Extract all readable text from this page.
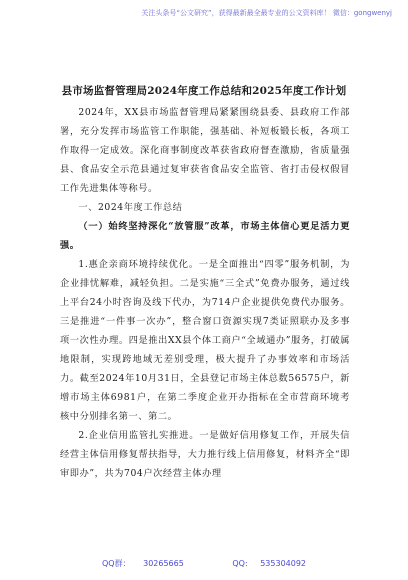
关注头条号“公文研究”，获得最新最全最专业的公文资料库！ 微信：gongwenyj
县市场监督管理局2024年度工作总结和2025年度工作计划

2024年，XX县市场监督管理局紧紧围绕县委、县政府工作部署，充分发挥市场监管工作职能，强基础、补短板锻长板，各项工作取得一定成效。深化商事制度改革获省政府督查激励，省质量强县、食品安全示范县通过复审获省食品安全监管、省打击侵权假冒工作先进集体等称号。

一、2024年度工作总结

（一）始终坚持深化“放管服”改革，市场主体信心更足活力更强。

1.惠企亲商环境持续优化。一是全面推出“四零”服务机制，为企业排忧解难，减轻负担。二是实施“三全式”免费办服务，通过线上平台24小时咨询及线下代办，为714户企业提供免费代办服务。三是推进“一件事一次办”，整合窗口资源实现7类证照联办及多事项一次性办理。四是推出XX县个体工商户“全域通办”服务，打破属地限制，实现跨地域无差别受理，极大提升了办事效率和市场活力。截至2024年10月31日，全县登记市场主体总数56575户，新增市场主体6981户，在第二季度企业开办指标在全市营商环境考核中分别排名第一、第二。

2.企业信用监管扎实推进。一是做好信用修复工作，开展失信经营主体信用修复帮扶指导，大力推行线上信用修复，材料齐全“即审即办”，共为704户次经营主体办理

QQ群： 30265665	QQ: 535304092
